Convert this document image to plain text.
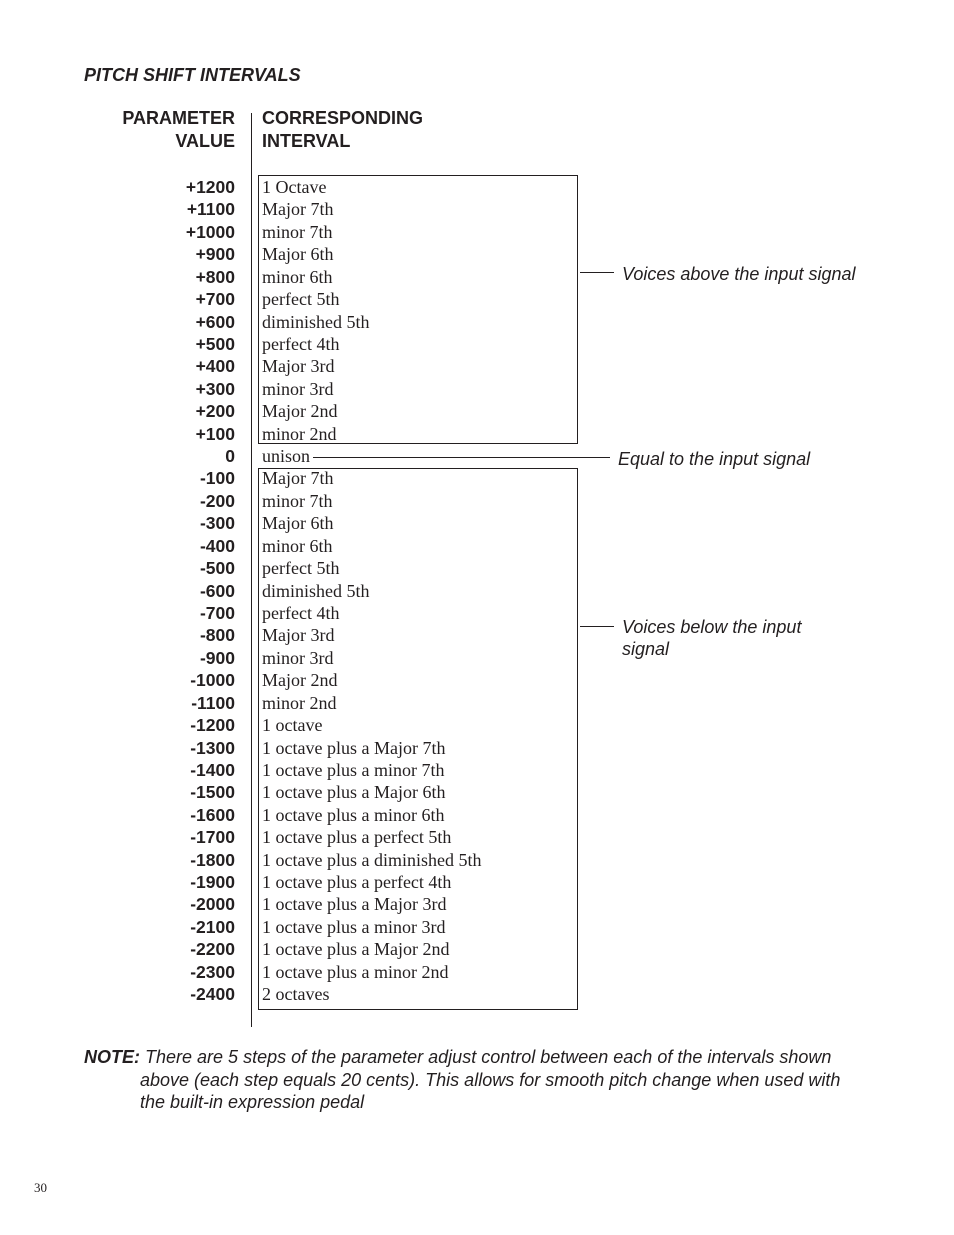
PITCH SHIFT INTERVALS
PARAMETER
VALUE
CORRESPONDING
INTERVAL
+1200 1 Octave
+1100 Major 7th
+1000 minor 7th
+900 Major 6th
+800 minor 6th
+700 perfect 5th
+600 diminished 5th
+500 perfect 4th
+400 Major 3rd
+300 minor 3rd
+200 Major 2nd
+100 minor 2nd
0 unison
-100 Major 7th
-200 minor 7th
-300 Major 6th
-400 minor 6th
-500 perfect 5th
-600 diminished 5th
-700 perfect 4th
-800 Major 3rd
-900 minor 3rd
-1000 Major 2nd
-1100 minor 2nd
-1200 1 octave
-1300 1 octave plus a Major 7th
-1400 1 octave plus a minor 7th
-1500 1 octave plus a Major 6th
-1600 1 octave plus a minor 6th
-1700 1 octave plus a perfect 5th
-1800 1 octave plus a diminished 5th
-1900 1 octave plus a perfect 4th
-2000 1 octave plus a Major 3rd
-2100 1 octave plus a minor 3rd
-2200 1 octave plus a Major 2nd
-2300 1 octave plus a minor 2nd
-2400 2 octaves
Voices above the input signal
Equal to the input signal
Voices below the input
signal
NOTE: There are 5 steps of the parameter adjust control between each of the intervals shown
above (each step equals 20 cents). This allows for smooth pitch change when used with
the built-in expression pedal
30
